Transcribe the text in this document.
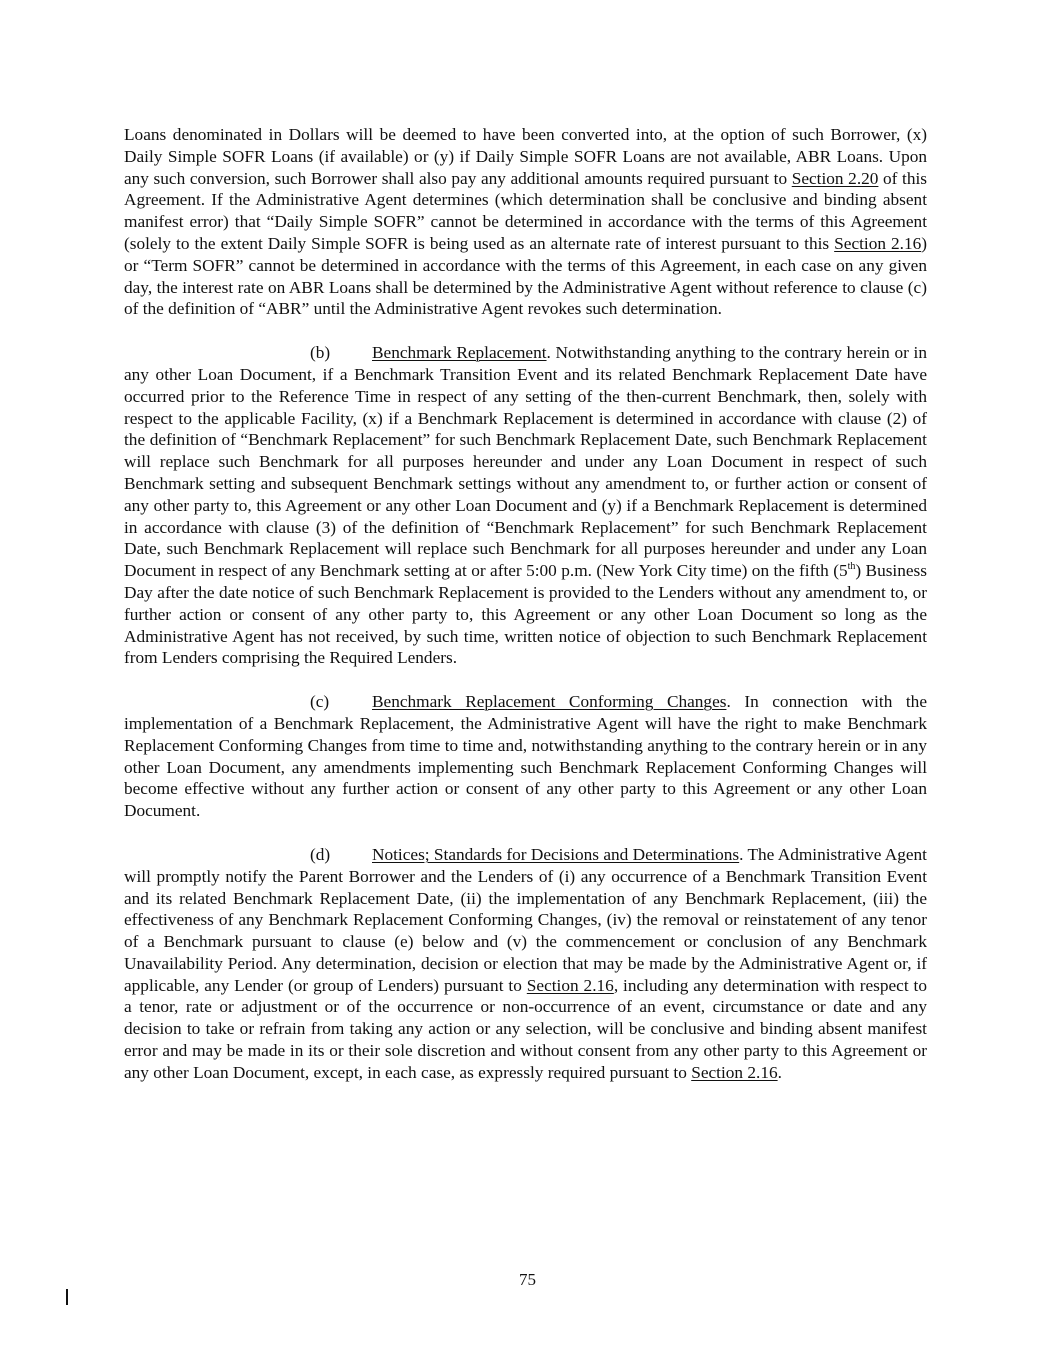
Loans denominated in Dollars will be deemed to have been converted into, at the option of such Borrower, (x) Daily Simple SOFR Loans (if available) or (y) if Daily Simple SOFR Loans are not available, ABR Loans. Upon any such conversion, such Borrower shall also pay any additional amounts required pursuant to Section 2.20 of this Agreement. If the Administrative Agent determines (which determination shall be conclusive and binding absent manifest error) that “Daily Simple SOFR” cannot be determined in accordance with the terms of this Agreement (solely to the extent Daily Simple SOFR is being used as an alternate rate of interest pursuant to this Section 2.16) or “Term SOFR” cannot be determined in accordance with the terms of this Agreement, in each case on any given day, the interest rate on ABR Loans shall be determined by the Administrative Agent without reference to clause (c) of the definition of “ABR” until the Administrative Agent revokes such determination.

(b) Benchmark Replacement. Notwithstanding anything to the contrary herein or in any other Loan Document, if a Benchmark Transition Event and its related Benchmark Replacement Date have occurred prior to the Reference Time in respect of any setting of the then-current Benchmark, then, solely with respect to the applicable Facility, (x) if a Benchmark Replacement is determined in accordance with clause (2) of the definition of “Benchmark Replacement” for such Benchmark Replacement Date, such Benchmark Replacement will replace such Benchmark for all purposes hereunder and under any Loan Document in respect of such Benchmark setting and subsequent Benchmark settings without any amendment to, or further action or consent of any other party to, this Agreement or any other Loan Document and (y) if a Benchmark Replacement is determined in accordance with clause (3) of the definition of “Benchmark Replacement” for such Benchmark Replacement Date, such Benchmark Replacement will replace such Benchmark for all purposes hereunder and under any Loan Document in respect of any Benchmark setting at or after 5:00 p.m. (New York City time) on the fifth (5th) Business Day after the date notice of such Benchmark Replacement is provided to the Lenders without any amendment to, or further action or consent of any other party to, this Agreement or any other Loan Document so long as the Administrative Agent has not received, by such time, written notice of objection to such Benchmark Replacement from Lenders comprising the Required Lenders.

(c) Benchmark Replacement Conforming Changes. In connection with the implementation of a Benchmark Replacement, the Administrative Agent will have the right to make Benchmark Replacement Conforming Changes from time to time and, notwithstanding anything to the contrary herein or in any other Loan Document, any amendments implementing such Benchmark Replacement Conforming Changes will become effective without any further action or consent of any other party to this Agreement or any other Loan Document.

(d) Notices; Standards for Decisions and Determinations. The Administrative Agent will promptly notify the Parent Borrower and the Lenders of (i) any occurrence of a Benchmark Transition Event and its related Benchmark Replacement Date, (ii) the implementation of any Benchmark Replacement, (iii) the effectiveness of any Benchmark Replacement Conforming Changes, (iv) the removal or reinstatement of any tenor of a Benchmark pursuant to clause (e) below and (v) the commencement or conclusion of any Benchmark Unavailability Period. Any determination, decision or election that may be made by the Administrative Agent or, if applicable, any Lender (or group of Lenders) pursuant to Section 2.16, including any determination with respect to a tenor, rate or adjustment or of the occurrence or non-occurrence of an event, circumstance or date and any decision to take or refrain from taking any action or any selection, will be conclusive and binding absent manifest error and may be made in its or their sole discretion and without consent from any other party to this Agreement or any other Loan Document, except, in each case, as expressly required pursuant to Section 2.16.

75
